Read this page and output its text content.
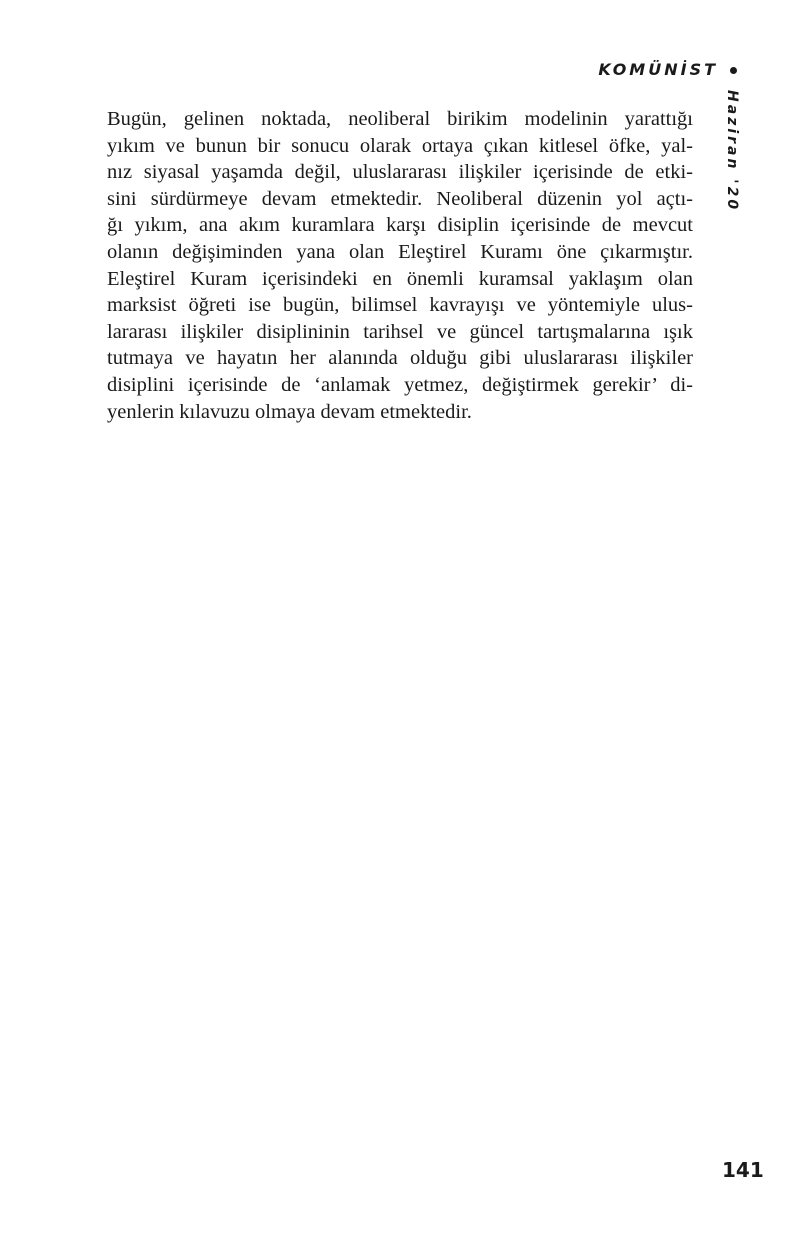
KOMÜNİST
Haziran '20
Bugün, gelinen noktada, neoliberal birikim modelinin yarattığı
yıkım ve bunun bir sonucu olarak ortaya çıkan kitlesel öfke, yal-
nız siyasal yaşamda değil, uluslararası ilişkiler içerisinde de etki-
sini sürdürmeye devam etmektedir. Neoliberal düzenin yol açtı-
ğı yıkım, ana akım kuramlara karşı disiplin içerisinde de mevcut
olanın değişiminden yana olan Eleştirel Kuramı öne çıkarmıştır.
Eleştirel Kuram içerisindeki en önemli kuramsal yaklaşım olan
marksist öğreti ise bugün, bilimsel kavrayışı ve yöntemiyle ulus-
lararası ilişkiler disiplininin tarihsel ve güncel tartışmalarına ışık
tutmaya ve hayatın her alanında olduğu gibi uluslararası ilişkiler
disiplini içerisinde de ‘anlamak yetmez, değiştirmek gerekir’ di-
yenlerin kılavuzu olmaya devam etmektedir.
141
